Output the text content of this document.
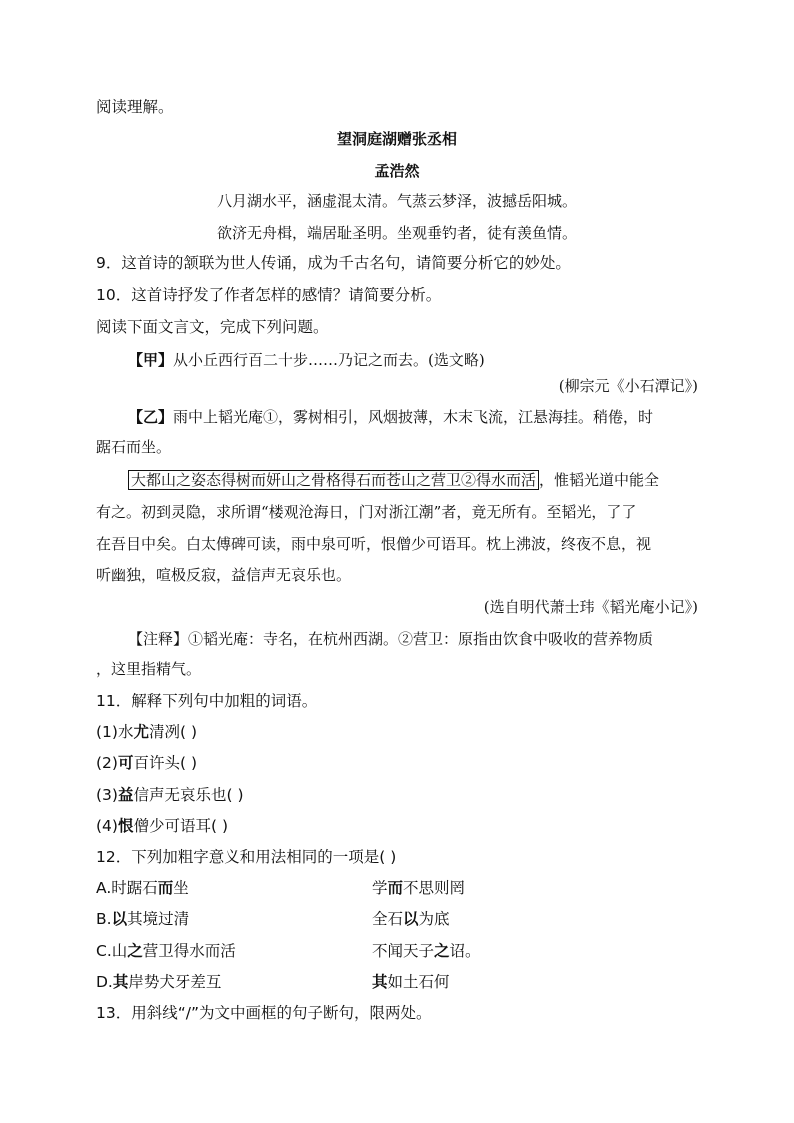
阅读理解。
望洞庭湖赠张丞相
孟浩然
八月湖水平，涵虚混太清。气蒸云梦泽，波撼岳阳城。
欲济无舟楫，端居耻圣明。坐观垂钓者，徒有羡鱼情。
9．这首诗的颔联为世人传诵，成为千古名句，请简要分析它的妙处。
10．这首诗抒发了作者怎样的感情？请简要分析。
阅读下面文言文，完成下列问题。
【甲】从小丘西行百二十步……乃记之而去。(选文略)
(柳宗元《小石潭记》)
【乙】雨中上韬光庵①，雾树相引，风烟披薄，木末飞流，江悬海挂。稍倦，时
踞石而坐。
大都山之姿态得树而妍山之骨格得石而苍山之营卫②得水而活 ，惟韬光道中能全
有之。初到灵隐，求所谓“楼观沧海日，门对浙江潮”者，竟无所有。至韬光，了了
在吾目中矣。白太傅碑可读，雨中泉可听，恨僧少可语耳。枕上沸波，终夜不息，视
听幽独，喧极反寂，益信声无哀乐也。
(选自明代萧士玮《韬光庵小记》)
【注释】①韬光庵：寺名，在杭州西湖。②营卫：原指由饮食中吸收的营养物质
，这里指精气。
11．解释下列句中加粗的词语。
(1)水尤清冽( )
(2)可百许头( )
(3)益信声无哀乐也( )
(4)恨僧少可语耳( )
12．下列加粗字意义和用法相同的一项是( )
A.时踞石而坐	学而不思则罔
B.以其境过清	全石以为底
C.山之营卫得水而活	不闻天子之诏。
D.其岸势犬牙差互	其如土石何
13．用斜线“/”为文中画框的句子断句，限两处。
